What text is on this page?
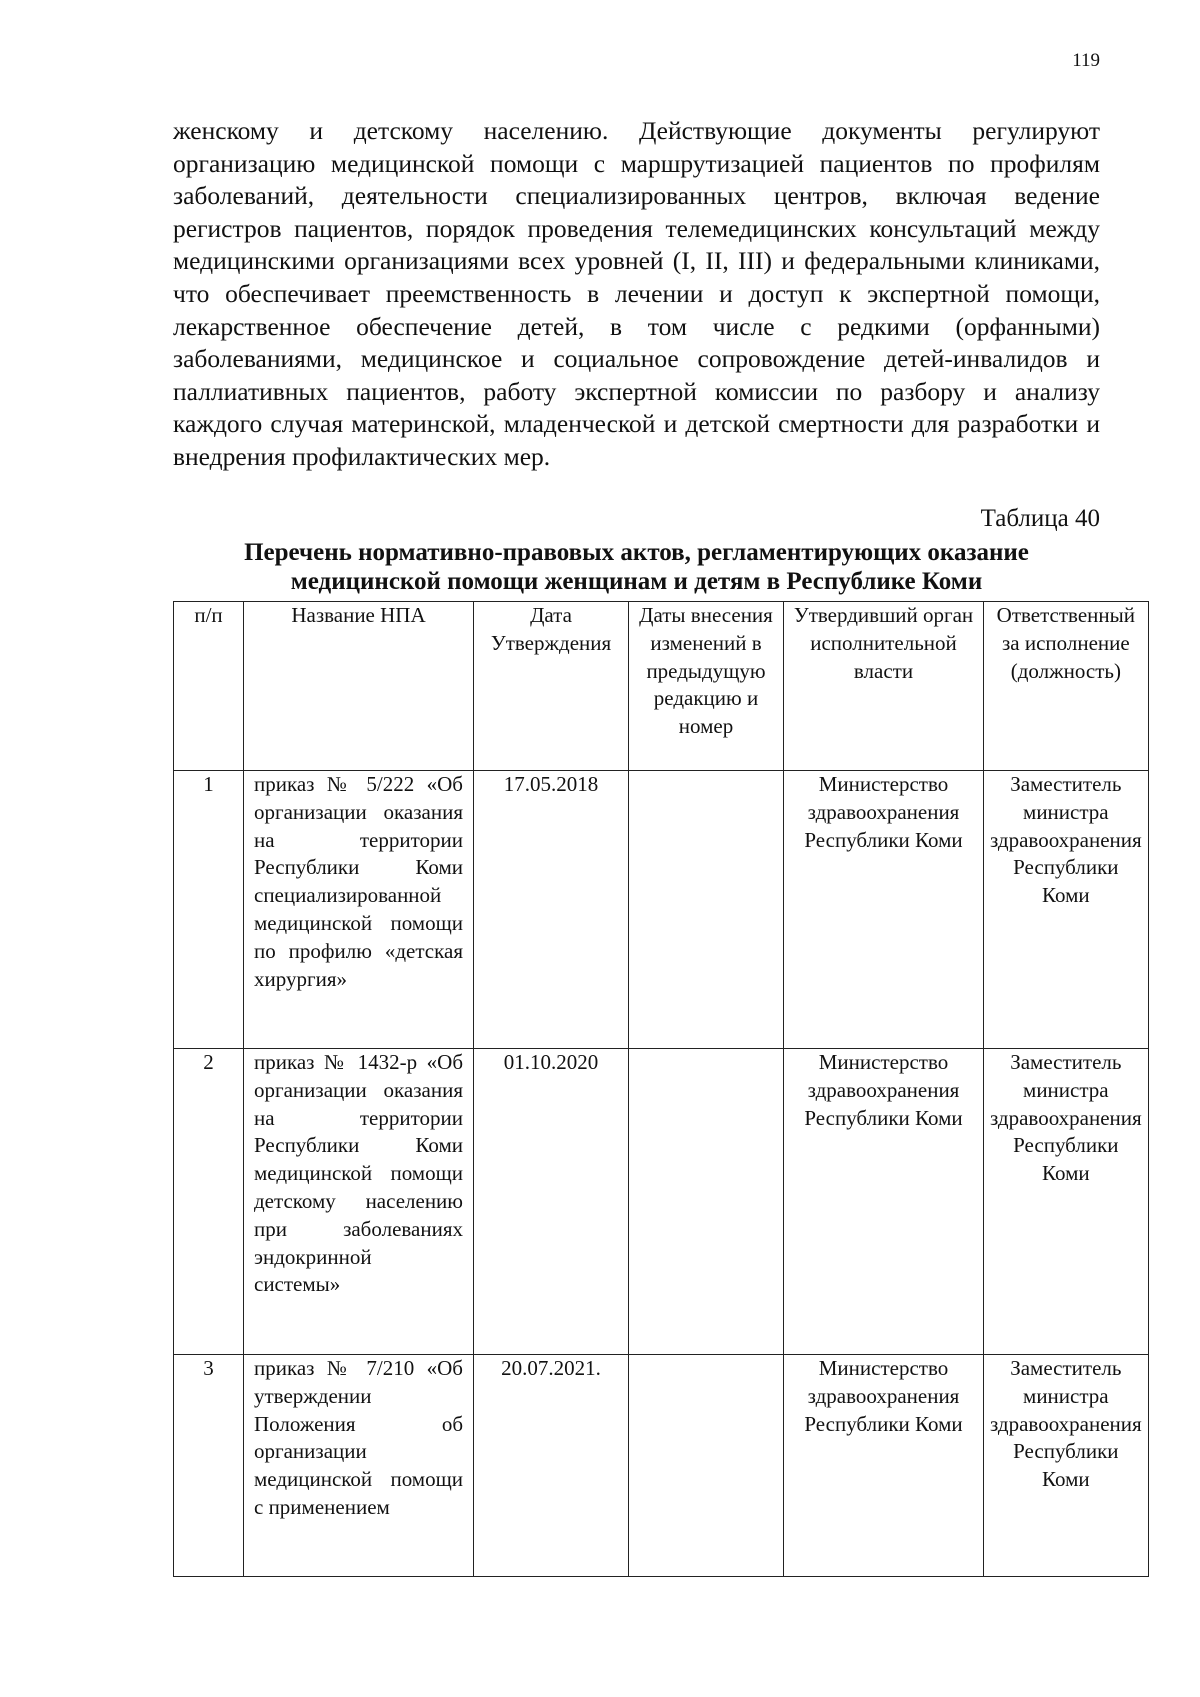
119

женскому и детскому населению. Действующие документы регулируют организацию медицинской помощи с маршрутизацией пациентов по профилям заболеваний, деятельности специализированных центров, включая ведение регистров пациентов, порядок проведения телемедицинских консультаций между медицинскими организациями всех уровней (I, II, III) и федеральными клиниками, что обеспечивает преемственность в лечении и доступ к экспертной помощи, лекарственное обеспечение детей, в том числе с редкими (орфанными) заболеваниями, медицинское и социальное сопровождение детей-инвалидов и паллиативных пациентов, работу экспертной комиссии по разбору и анализу каждого случая материнской, младенческой и детской смертности для разработки и внедрения профилактических мер.

Таблица 40
Перечень нормативно-правовых актов, регламентирующих оказание медицинской помощи женщинам и детям в Республике Коми
п/п	Название НПА	Дата Утверждения	Даты внесения изменений в предыдущую редакцию и номер	Утвердивший орган исполнительной власти	Ответственный за исполнение (должность)
1	приказ № 5/222 «Об организации оказания на территории Республики Коми специализированной медицинской помощи по профилю «детская хирургия»	17.05.2018		Министерство здравоохранения Республики Коми	Заместитель министра здравоохранения Республики Коми
2	приказ № 1432-р «Об организации оказания на территории Республики Коми медицинской помощи детскому населению при заболеваниях эндокринной системы»	01.10.2020		Министерство здравоохранения Республики Коми	Заместитель министра здравоохранения Республики Коми
3	приказ № 7/210 «Об утверждении Положения об организации медицинской помощи с применением	20.07.2021.		Министерство здравоохранения Республики Коми	Заместитель министра здравоохранения Республики Коми
